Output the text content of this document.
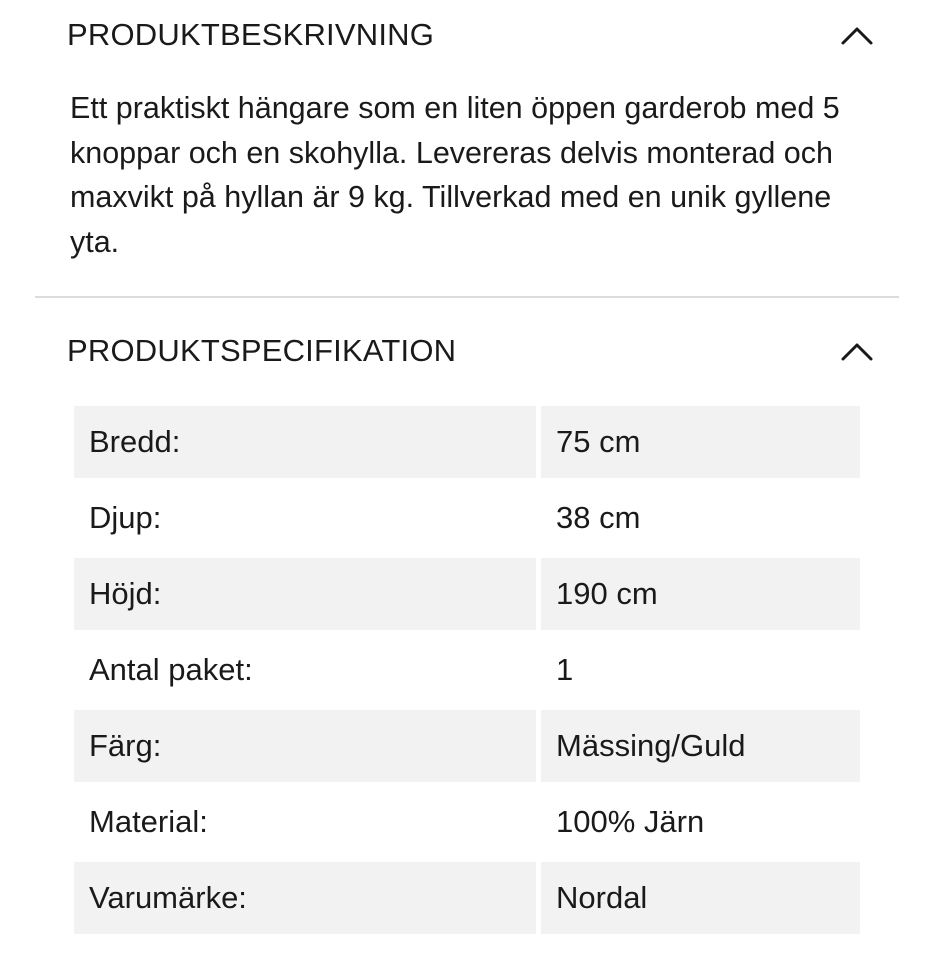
PRODUKTBESKRIVNING
Ett praktiskt hängare som en liten öppen garderob med 5 knoppar och en skohylla. Levereras delvis monterad och maxvikt på hyllan är 9 kg. Tillverkad med en unik gyllene yta.
PRODUKTSPECIFIKATION
Bredd:	75 cm
Djup:	38 cm
Höjd:	190 cm
Antal paket:	1
Färg:	Mässing/Guld
Material:	100% Järn
Varumärke:	Nordal
